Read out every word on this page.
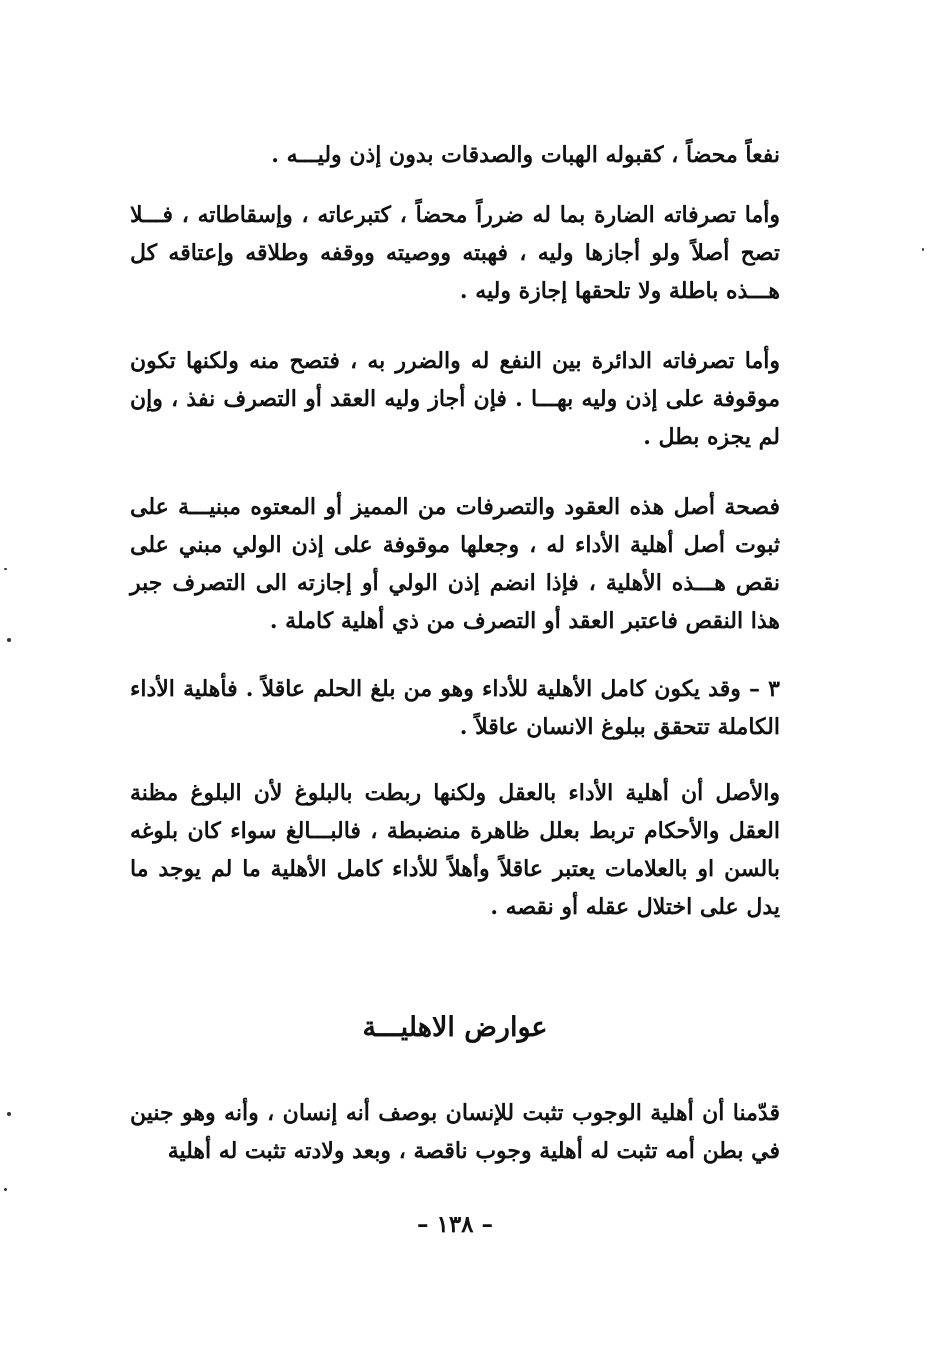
نفعاً محضاً ، كقبوله الهبات والصدقات بدون إذن وليـــه .
وأما تصرفاته الضارة بما له ضرراً محضاً ، كتبرعاته ، وإسقاطاته ، فـــلا تصح أصلاً ولو أجازها وليه ، فهبته ووصيته ووقفه وطلاقه وإعتاقه كل هـــذه باطلة ولا تلحقها إجازة وليه .
وأما تصرفاته الدائرة بين النفع له والضرر به ، فتصح منه ولكنها تكون موقوفة على إذن وليه بهـــا . فإن أجاز وليه العقد أو التصرف نفذ ، وإن لم يجزه بطل .
فصحة أصل هذه العقود والتصرفات من المميز أو المعتوه مبنيـــة على ثبوت أصل أهلية الأداء له ، وجعلها موقوفة على إذن الولي مبني على نقص هـــذه الأهلية ، فإذا انضم إذن الولي أو إجازته الى التصرف جبر هذا النقص فاعتبر العقد أو التصرف من ذي أهلية كاملة .
٣ – وقد يكون كامل الأهلية للأداء وهو من بلغ الحلم عاقلاً . فأهلية الأداء الكاملة تتحقق ببلوغ الانسان عاقلاً .
والأصل أن أهلية الأداء بالعقل ولكنها ربطت بالبلوغ لأن البلوغ مظنة العقل والأحكام تربط بعلل ظاهرة منضبطة ، فالبـــالغ سواء كان بلوغه بالسن او بالعلامات يعتبر عاقلاً وأهلاً للأداء كامل الأهلية ما لم يوجد ما يدل على اختلال عقله أو نقصه .
عوارض الاهليـــة
قدّمنا أن أهلية الوجوب تثبت للإنسان بوصف أنه إنسان ، وأنه وهو جنين في بطن أمه تثبت له أهلية وجوب ناقصة ، وبعد ولادته تثبت له أهلية
– ١٣٨ –
